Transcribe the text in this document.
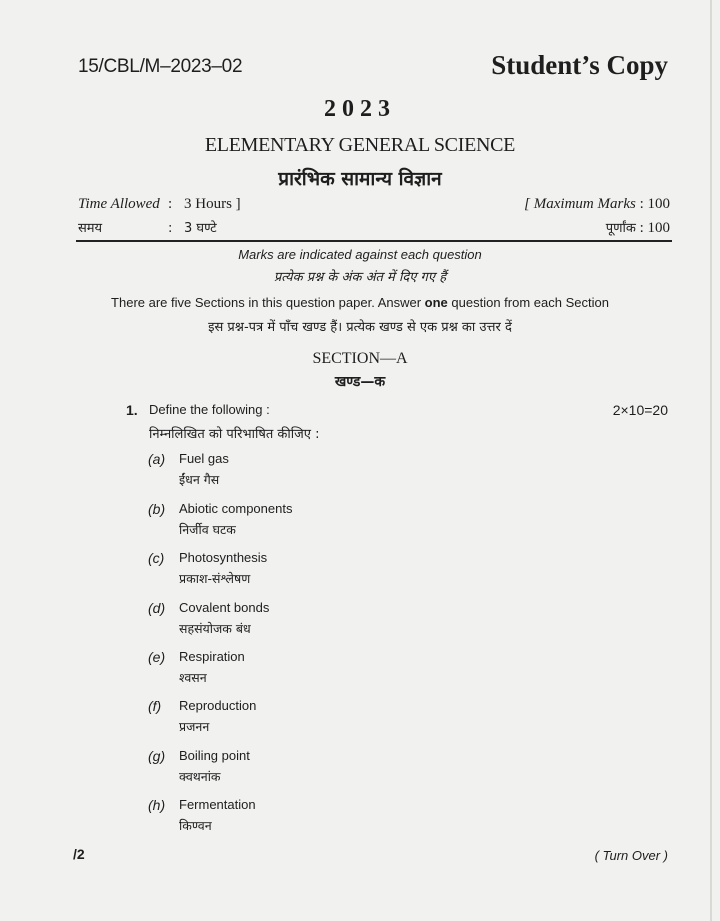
15/CBL/M–2023–02	Student’s Copy
2023
ELEMENTARY GENERAL SCIENCE
प्रारंभिक सामान्य विज्ञान
Time Allowed : 3 Hours ]
समय	: 3 घण्टे
[ Maximum Marks : 100
पूर्णांक : 100
Marks are indicated against each question
प्रत्येक प्रश्न के अंक अंत में दिए गए हैं
There are five Sections in this question paper. Answer one question from each Section
इस प्रश्न-पत्र में पाँच खण्ड हैं। प्रत्येक खण्ड से एक प्रश्न का उत्तर दें
SECTION—A
खण्ड—क
1. Define the following :
निम्नलिखित को परिभाषित कीजिए :
2×10=20
(a) Fuel gas
ईंधन गैस
(b) Abiotic components
निर्जीव घटक
(c) Photosynthesis
प्रकाश-संश्लेषण
(d) Covalent bonds
सहसंयोजक बंध
(e) Respiration
श्वसन
(f) Reproduction
प्रजनन
(g) Boiling point
क्वथनांक
(h) Fermentation
किण्वन
/2	( Turn Over )
